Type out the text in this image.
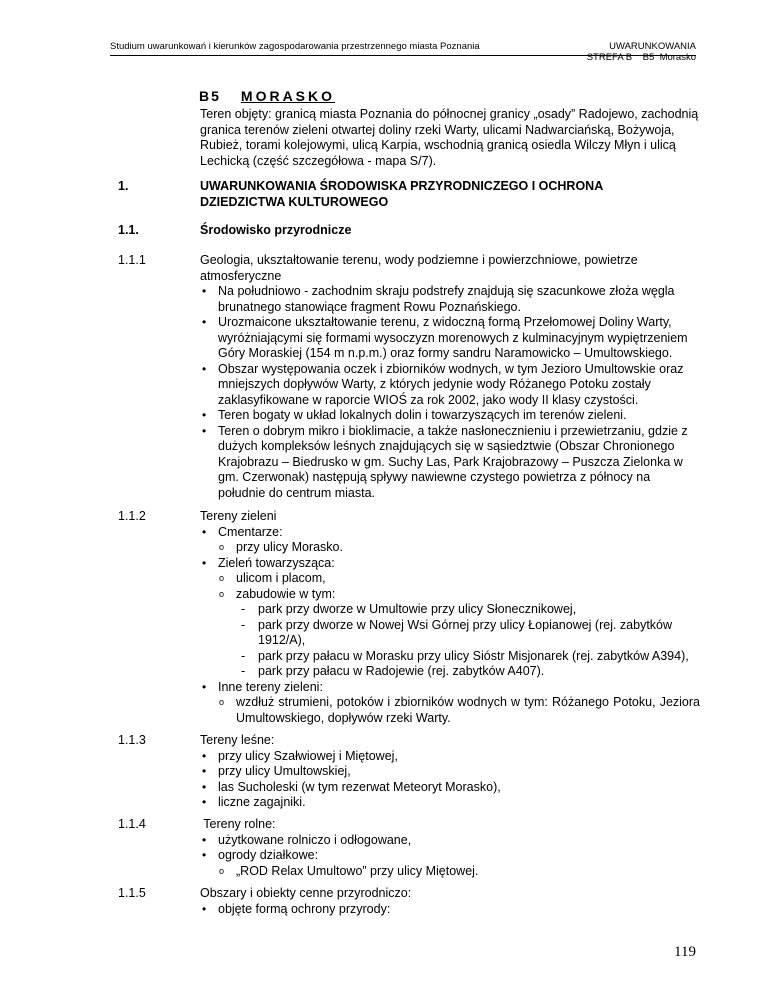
Studium uwarunkowań i kierunków zagospodarowania przestrzennego miasta Poznania	UWARUNKOWANIA
STREFA B    B5  Morasko
B5 MORASKO
Teren objęty: granicą miasta Poznania do północnej granicy „osady” Radojewo, zachodnią granica terenów zieleni otwartej doliny rzeki Warty, ulicami Nadwarciańską, Bożywoja, Rubież, torami kolejowymi, ulicą Karpia, wschodnią granicą osiedla Wilczy Młyn i ulicą Lechicką (część szczegółowa - mapa S/7).
1.	UWARUNKOWANIA ŚRODOWISKA PRZYRODNICZEGO I OCHRONA DZIEDZICTWA KULTUROWEGO
1.1.	Środowisko przyrodnicze
1.1.1	Geologia, ukształtowanie terenu, wody podziemne i powierzchniowe, powietrze atmosferyczne
• Na południowo - zachodnim skraju podstrefy znajdują się szacunkowe złoża węgla brunatnego stanowiące fragment Rowu Poznańskiego.
• Urozmaicone ukształtowanie terenu, z widoczną formą Przełomowej Doliny Warty, wyróżniającymi się formami wysoczyzn morenowych z kulminacyjnym wypiętrzeniem Góry Moraskiej (154 m n.p.m.) oraz formy sandru Naramowicko – Umultowskiego.
• Obszar występowania oczek i zbiorników wodnych, w tym Jezioro Umultowskie oraz mniejszych dopływów Warty, z których jedynie wody Różanego Potoku zostały zaklasyfikowane w raporcie WIOŚ za rok 2002, jako wody II klasy czystości.
• Teren bogaty w układ lokalnych dolin i towarzyszących im terenów zieleni.
• Teren o dobrym mikro i bioklimacie, a także nasłonecznieniu i przewietrzaniu, gdzie z dużych kompleksów leśnych znajdujących się w sąsiedztwie (Obszar Chronionego Krajobrazu – Biedrusko w gm. Suchy Las, Park Krajobrazowy – Puszcza Zielonka w gm. Czerwonak) następują spływy nawiewne czystego powietrza z północy na południe do centrum miasta.
1.1.2	Tereny zieleni
• Cmentarze:
o przy ulicy Morasko.
• Zieleń towarzysząca:
o ulicom i placom,
o zabudowie w tym:
- park przy dworze w Umultowie przy ulicy Słonecznikowej,
- park przy dworze w Nowej Wsi Górnej przy ulicy Łopianowej (rej. zabytków 1912/A),
- park przy pałacu w Morasku przy ulicy Sióstr Misjonarek (rej. zabytków A394),
- park przy pałacu w Radojewie (rej. zabytków A407).
• Inne tereny zieleni:
o wzdłuż strumieni, potoków i zbiorników wodnych w tym: Różanego Potoku, Jeziora Umultowskiego, dopływów rzeki Warty.
1.1.3	Tereny leśne:
• przy ulicy Szałwiowej i Miętowej,
• przy ulicy Umultowskiej,
• las Sucholeski (w tym rezerwat Meteoryt Morasko),
• liczne zagajniki.
1.1.4	Tereny rolne:
• użytkowane rolniczo i odłogowane,
• ogrody działkowe:
o „ROD Relax Umultowo” przy ulicy Miętowej.
1.1.5	Obszary i obiekty cenne przyrodniczo:
• objęte formą ochrony przyrody:
119
